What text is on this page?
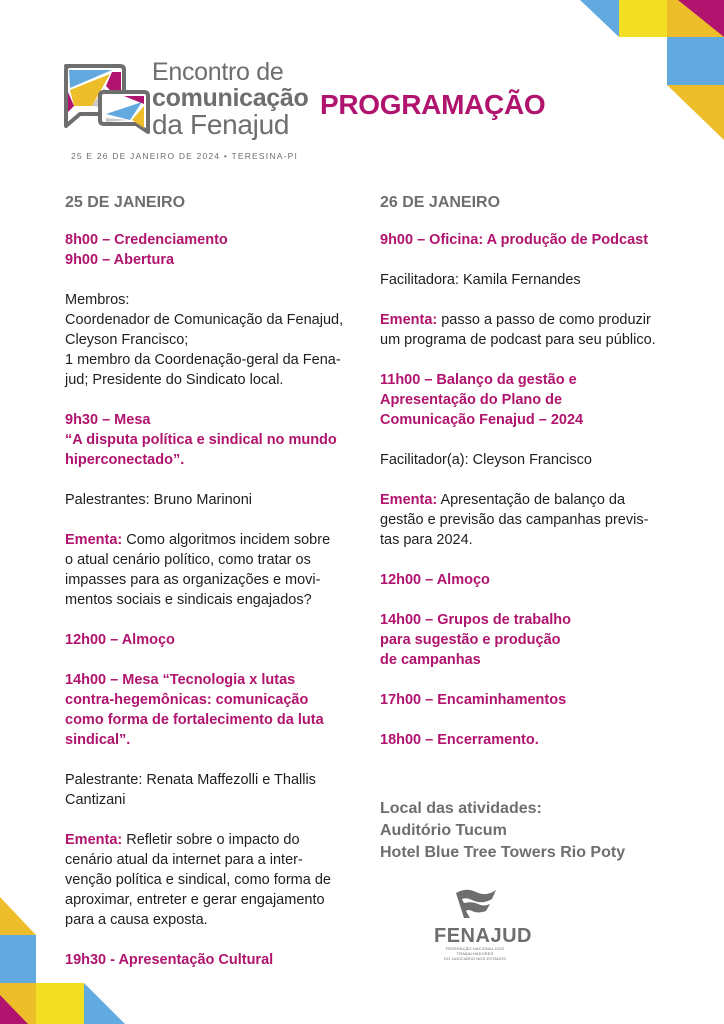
Encontro de
comunicação
da Fenajud
25 E 26 DE JANEIRO DE 2024 • TERESINA-PI
PROGRAMAÇÃO
25 DE JANEIRO

8h00 – Credenciamento

9h00 – Abertura

Membros:

Coordenador de Comunicação da Fenajud,

Cleyson Francisco;

1 membro da Coordenação-geral da Fena-

jud; Presidente do Sindicato local.

9h30 – Mesa

“A disputa política e sindical no mundo

hiperconectado”.

Palestrantes: Bruno Marinoni

Ementa: Como algoritmos incidem sobre

o atual cenário político, como tratar os

impasses para as organizações e movi-

mentos sociais e sindicais engajados?

12h00 – Almoço

14h00 – Mesa “Tecnologia x lutas

contra-hegemônicas: comunicação

como forma de fortalecimento da luta

sindical”.

Palestrante: Renata Maffezolli e Thallis

Cantizani

Ementa: Refletir sobre o impacto do

cenário atual da internet para a inter-

venção política e sindical, como forma de

aproximar, entreter e gerar engajamento

para a causa exposta.

19h30 - Apresentação Cultural

26 DE JANEIRO

9h00 – Oficina: A produção de Podcast

Facilitadora: Kamila Fernandes

Ementa: passo a passo de como produzir

um programa de podcast para seu público.

11h00 – Balanço da gestão e

Apresentação do Plano de

Comunicação Fenajud – 2024

Facilitador(a): Cleyson Francisco

Ementa: Apresentação de balanço da

gestão e previsão das campanhas previs-

tas para 2024.

12h00 – Almoço

14h00 – Grupos de trabalho

para sugestão e produção

de campanhas

17h00 – Encaminhamentos

18h00 – Encerramento.

Local das atividades:
Auditório Tucum
Hotel Blue Tree Towers Rio Poty
FENAJUD
FEDERAÇÃO NACIONAL DOS TRABALHADORES
DO JUDICIÁRIO NOS ESTADOS
